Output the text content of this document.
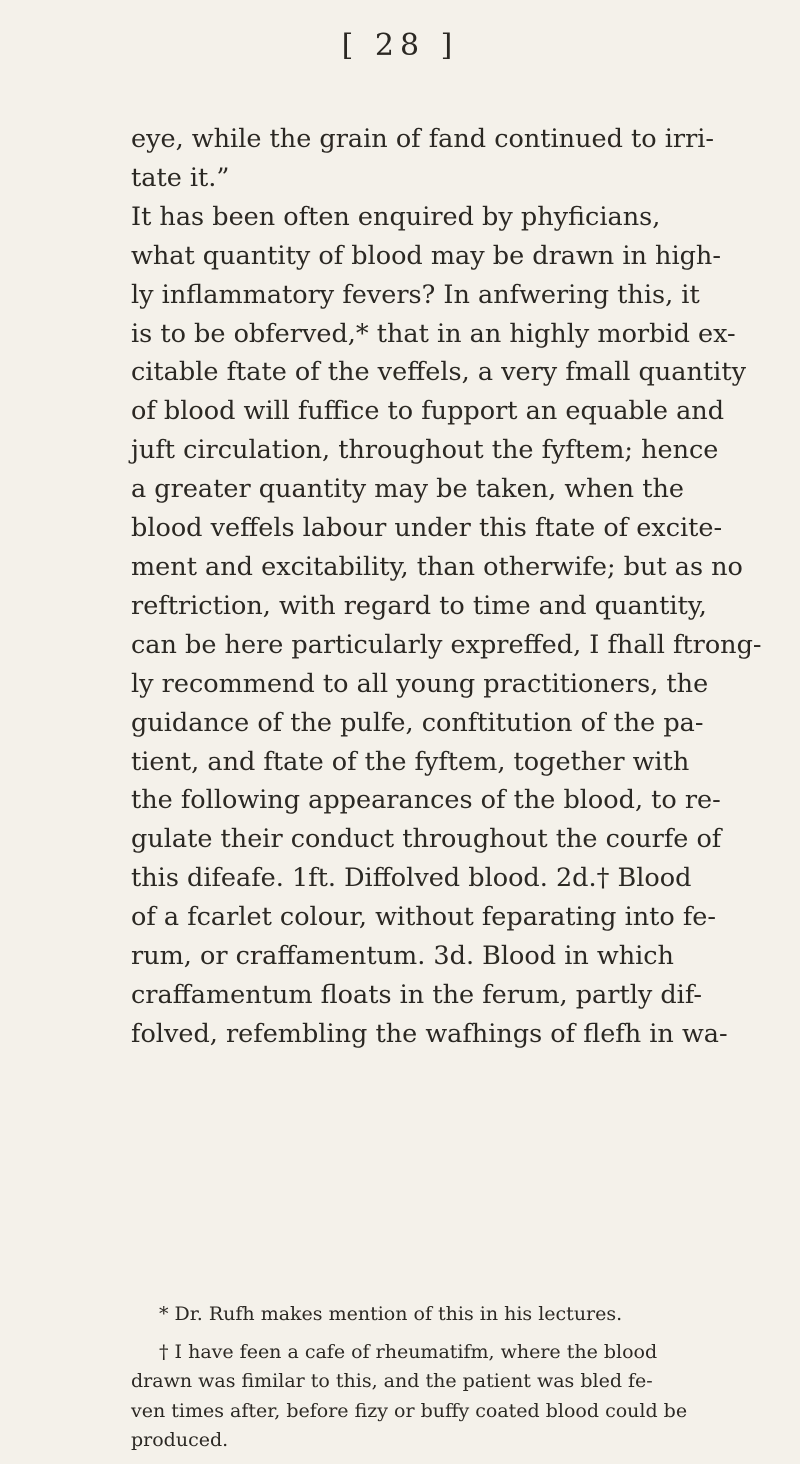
[ 28 ]

eye, while the grain of fand continued to irri-
tate it.”

It has been often enquired by phyficians,
what quantity of blood may be drawn in high-
ly inflammatory fevers? In anfwering this, it
is to be obferved,* that in an highly morbid ex-
citable ftate of the veffels, a very fmall quantity
of blood will fuffice to fupport an equable and
juft circulation, throughout the fyftem; hence
a greater quantity may be taken, when the
blood veffels labour under this ftate of excite-
ment and excitability, than otherwife; but as no
reftriction, with regard to time and quantity,
can be here particularly expreffed, I fhall ftrong-
ly recommend to all young practitioners, the
guidance of the pulfe, conftitution of the pa-
tient, and ftate of the fyftem, together with
the following appearances of the blood, to re-
gulate their conduct throughout the courfe of
this difeafe. 1ft. Diffolved blood. 2d.† Blood
of a fcarlet colour, without feparating into fe-
rum, or craffamentum. 3d. Blood in which
craffamentum floats in the ferum, partly dif-
folved, refembling the wafhings of flefh in wa-

* Dr. Rufh makes mention of this in his lectures.

† I have feen a cafe of rheumatifm, where the blood
drawn was fimilar to this, and the patient was bled fe-
ven times after, before fizy or buffy coated blood could be
produced.
